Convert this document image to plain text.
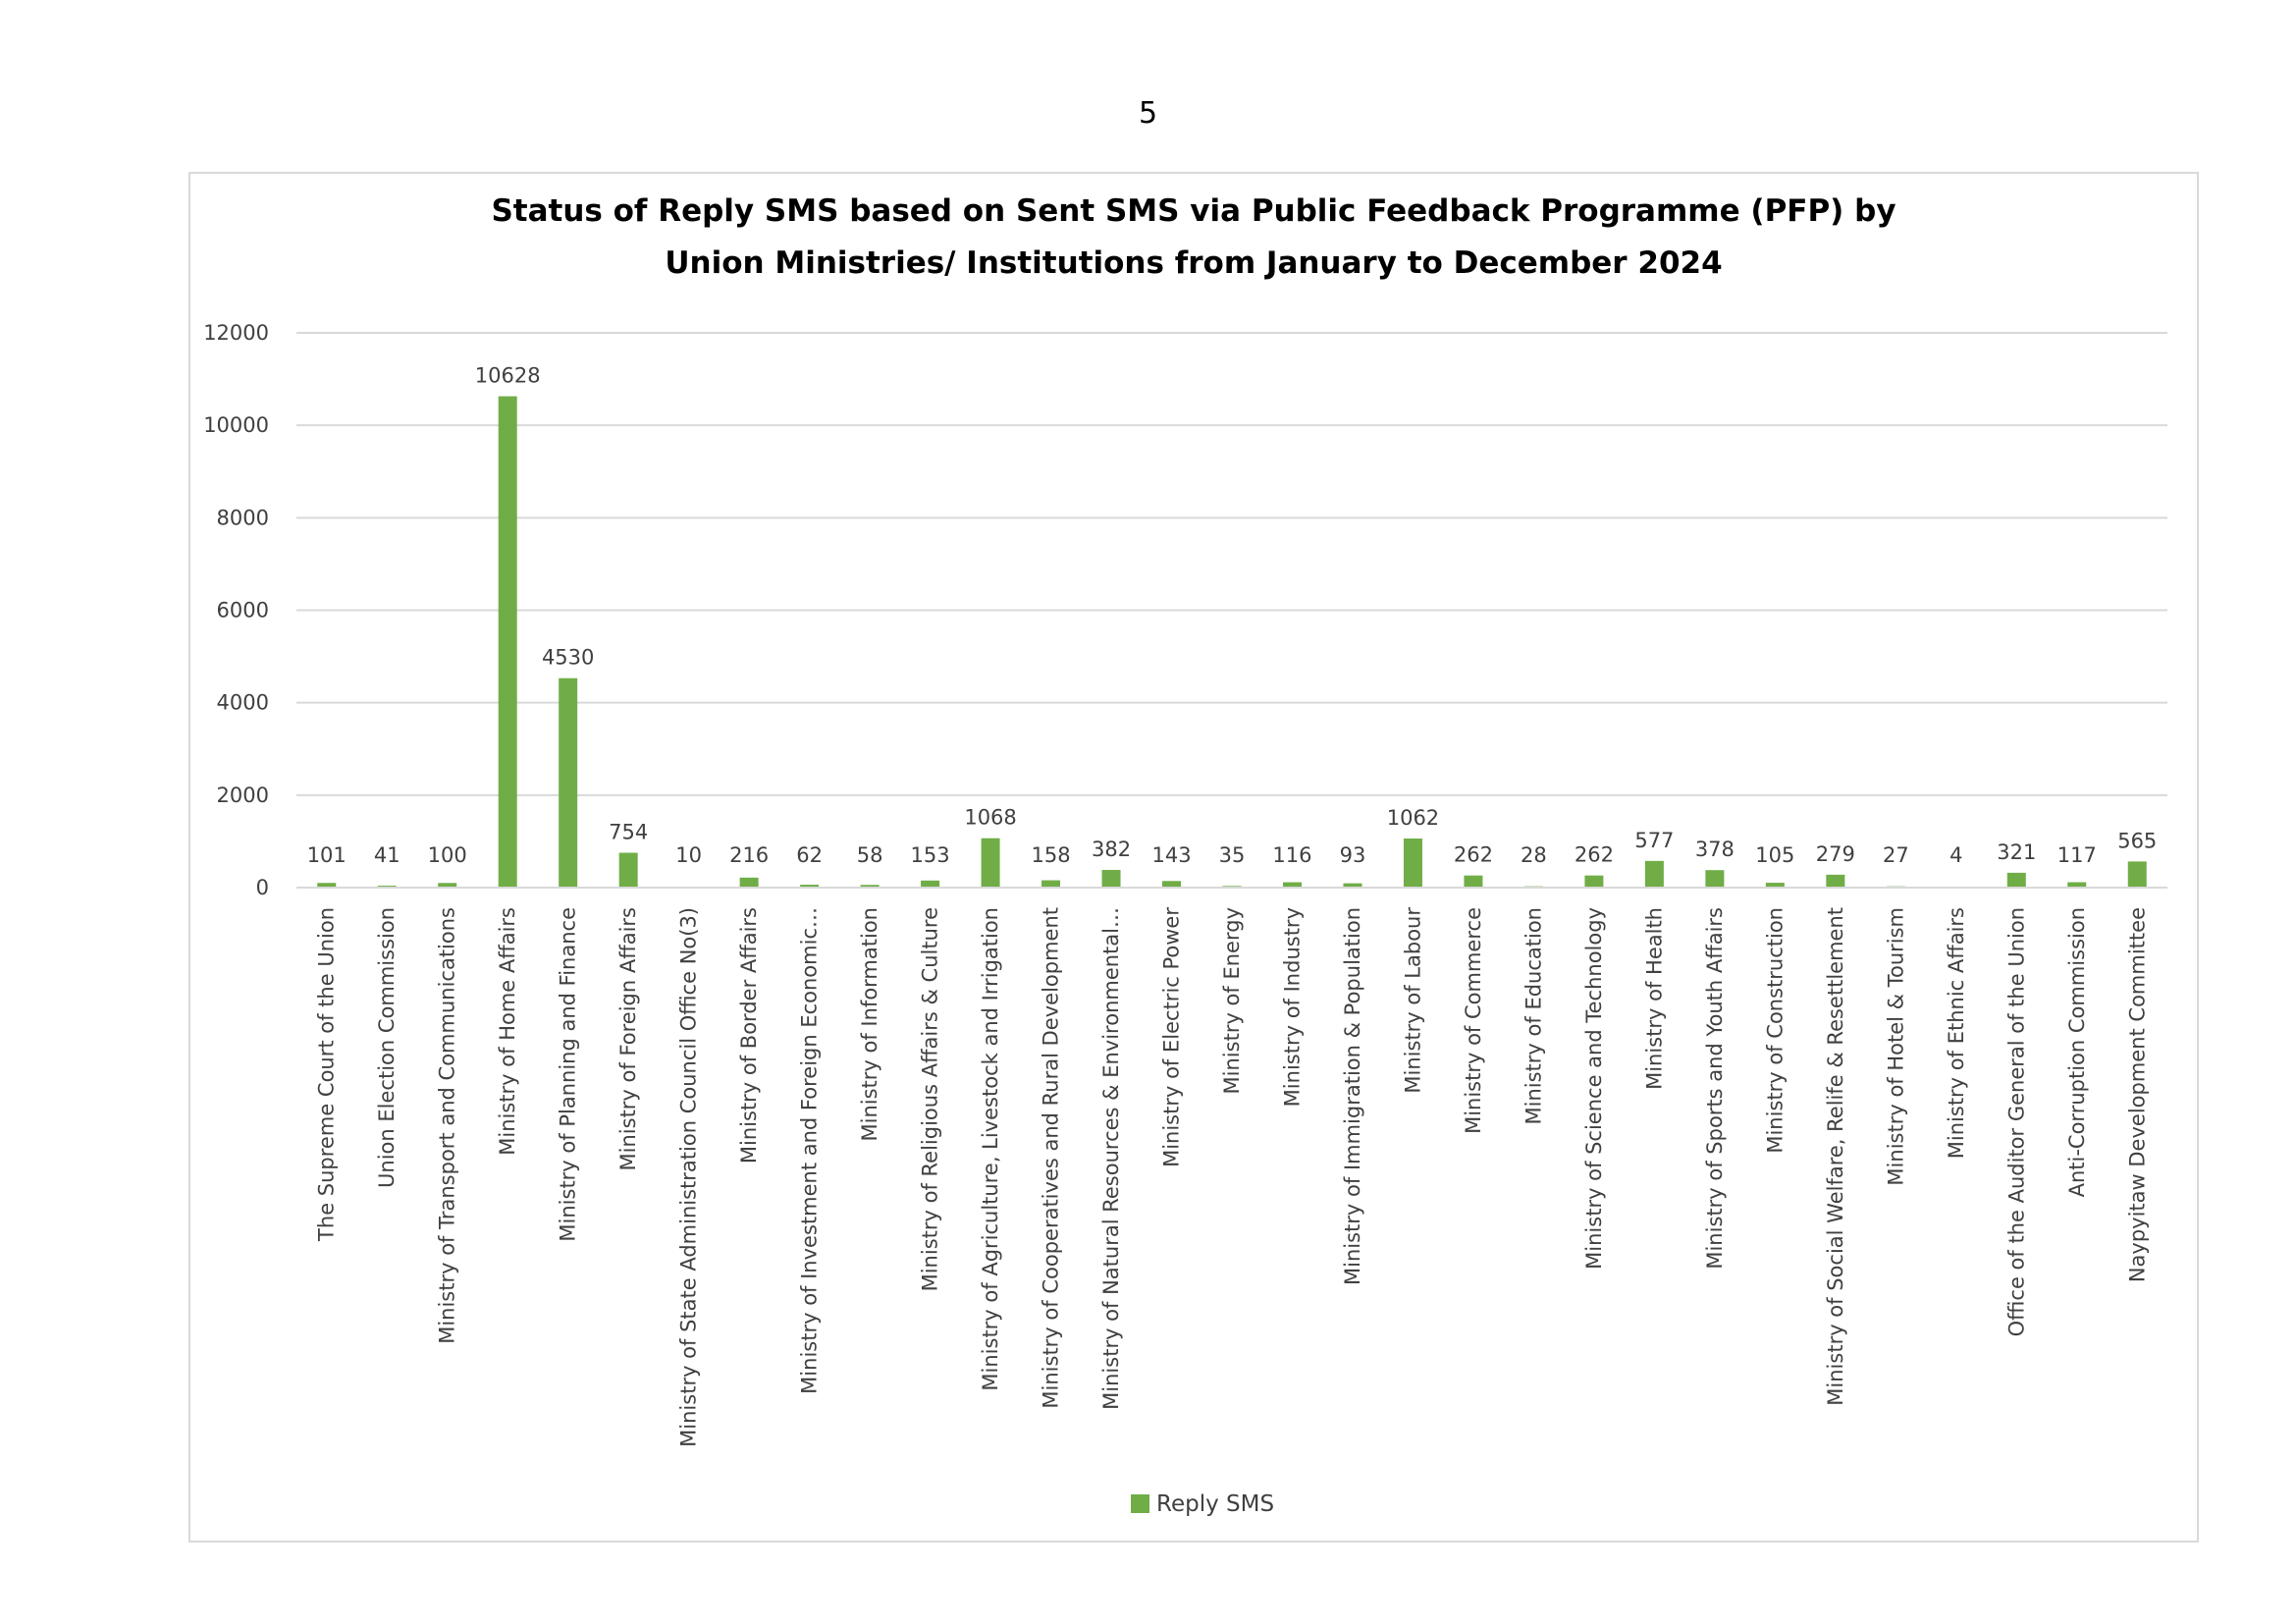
5
Status of Reply SMS based on Sent SMS via Public Feedback Programme (PFP) by
Union Ministries/ Institutions from January to December 2024
0
2000
4000
6000
8000
10000
12000
101 41 100
10628
4530
754
10 216 62 58 153
1068
158 382 143 35 116 93
1062
262 28 262
577 378 105 279 27 4 321 117
565
The Supreme Court of the Union Union Election Commission Ministry of Transport and Communications Ministry of Home Affairs Ministry of Planning and Finance Ministry of Foreign Affairs Ministry of State Administration Council Office No(3) Ministry of Border Affairs Ministry of Investment and Foreign Economic… Ministry of Information Ministry of Religious Affairs & Culture Ministry of Agriculture, Livestock and Irrigation Ministry of Cooperatives and Rural Development Ministry of Natural Resources & Environmental… Ministry of Electric Power Ministry of Energy Ministry of Industry Ministry of Immigration & Population Ministry of Labour Ministry of Commerce Ministry of Education Ministry of Science and Technology Ministry of Health Ministry of Sports and Youth Affairs Ministry of Construction Ministry of Social Welfare, Relife & Resettlement Ministry of Hotel & Tourism Ministry of Ethnic Affairs Office of the Auditor General of the Union Anti-Corruption Commission Naypyitaw Development Committee
Reply SMS
